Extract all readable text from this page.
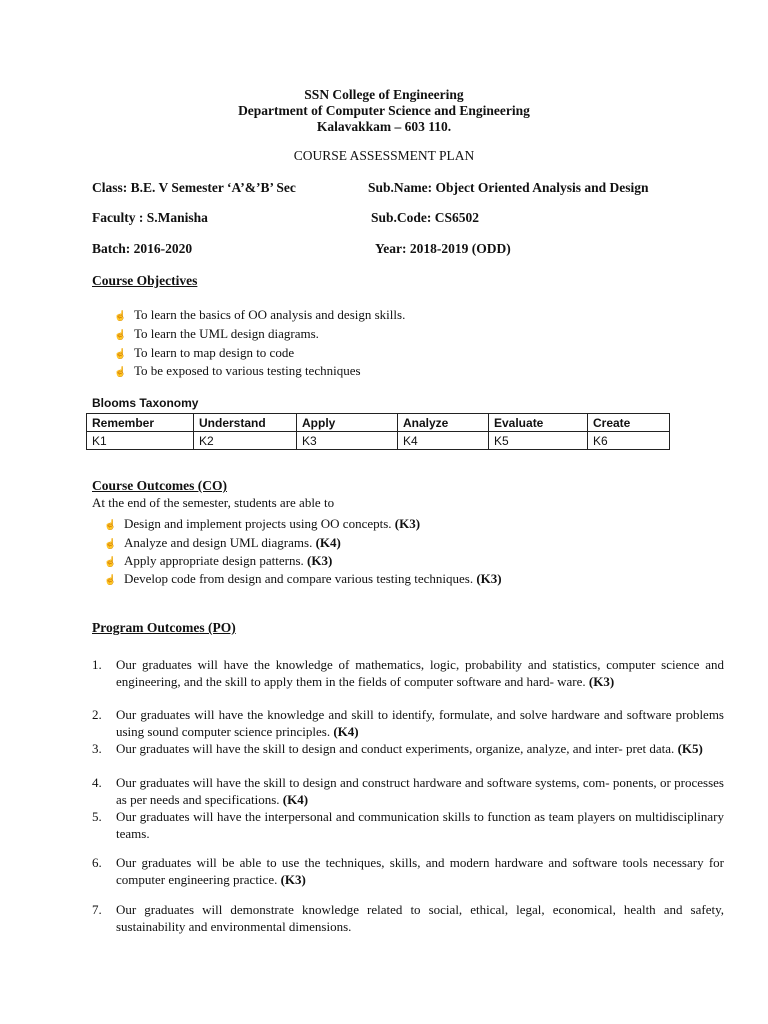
SSN College of Engineering
Department of Computer Science and Engineering
Kalavakkam – 603 110.
COURSE ASSESSMENT PLAN
Class: B.E. V Semester ‘A’&’B’ Sec	Sub.Name: Object Oriented Analysis and Design
Faculty : S.Manisha	Sub.Code: CS6502
Batch: 2016-2020	Year: 2018-2019 (ODD)
Course Objectives
☝ To learn the basics of OO analysis and design skills.
☝ To learn the UML design diagrams.
☝ To learn to map design to code
☝ To be exposed to various testing techniques
Blooms Taxonomy
Remember	Understand	Apply	Analyze	Evaluate	Create
K1	K2	K3	K4	K5	K6
Course Outcomes (CO)
At the end of the semester, students are able to
☝ Design and implement projects using OO concepts. (K3)
☝ Analyze and design UML diagrams. (K4)
☝ Apply appropriate design patterns. (K3)
☝ Develop code from design and compare various testing techniques. (K3)
Program Outcomes (PO)
1. Our graduates will have the knowledge of mathematics, logic, probability and statistics, computer science and engineering, and the skill to apply them in the fields of computer software and hard- ware. (K3)
2. Our graduates will have the knowledge and skill to identify, formulate, and solve hardware and software problems using sound computer science principles. (K4)
3. Our graduates will have the skill to design and conduct experiments, organize, analyze, and inter- pret data. (K5)
4. Our graduates will have the skill to design and construct hardware and software systems, com- ponents, or processes as per needs and specifications. (K4)
5. Our graduates will have the interpersonal and communication skills to function as team players on multidisciplinary teams.
6. Our graduates will be able to use the techniques, skills, and modern hardware and software tools necessary for computer engineering practice. (K3)
7. Our graduates will demonstrate knowledge related to social, ethical, legal, economical, health and safety, sustainability and environmental dimensions.
